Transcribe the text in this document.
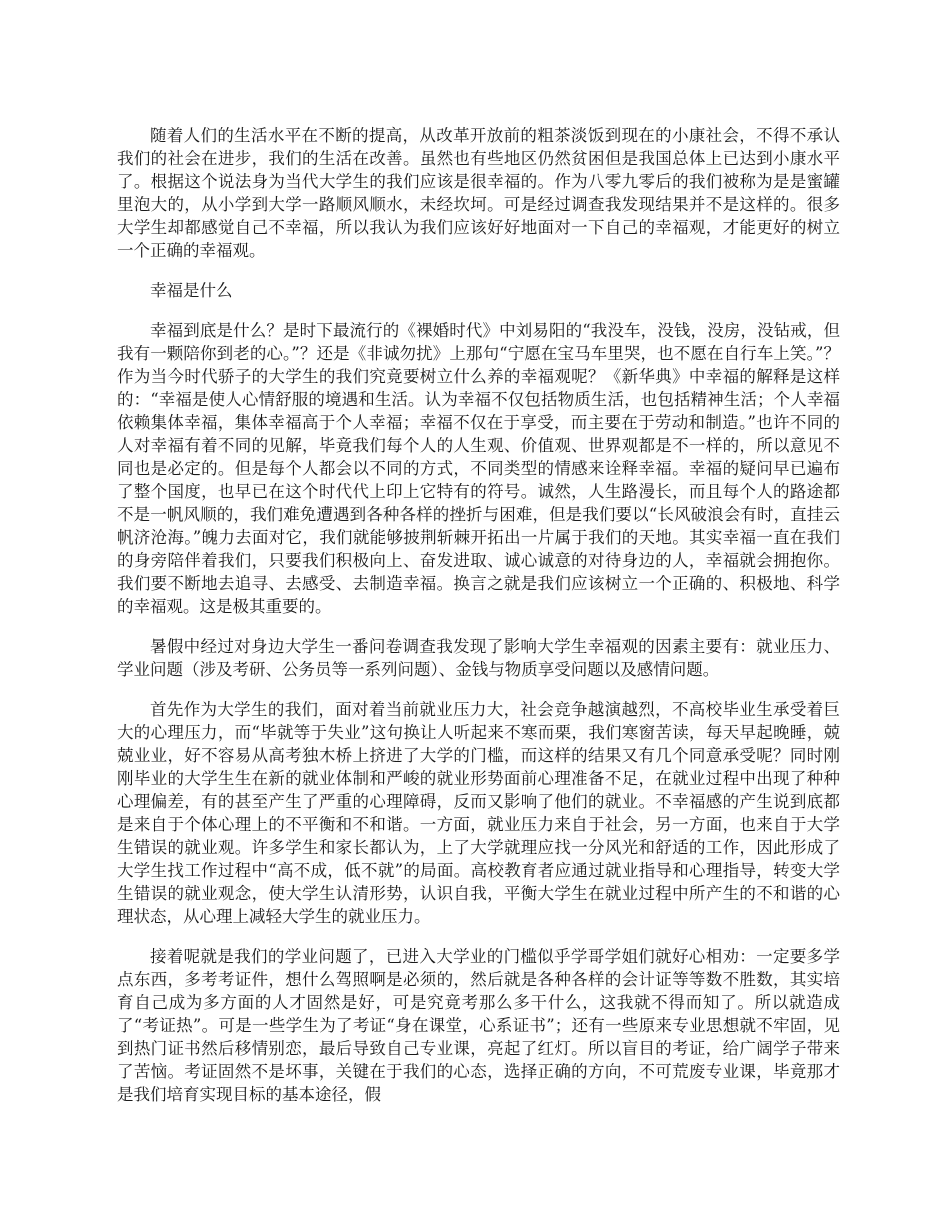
随着人们的生活水平在不断的提高，从改革开放前的粗茶淡饭到现在的小康社会，不得不承认我们的社会在进步，我们的生活在改善。虽然也有些地区仍然贫困但是我国总体上已达到小康水平了。根据这个说法身为当代大学生的我们应该是很幸福的。作为八零九零后的我们被称为是是蜜罐里泡大的，从小学到大学一路顺风顺水，未经坎坷。可是经过调查我发现结果并不是这样的。很多大学生却都感觉自己不幸福，所以我认为我们应该好好地面对一下自己的幸福观，才能更好的树立一个正确的幸福观。

幸福是什么

幸福到底是什么？是时下最流行的《裸婚时代》中刘易阳的“我没车，没钱，没房，没钻戒，但我有一颗陪你到老的心。”？还是《非诚勿扰》上那句“宁愿在宝马车里哭，也不愿在自行车上笑。”？作为当今时代骄子的大学生的我们究竟要树立什么养的幸福观呢？《新华典》中幸福的解释是这样的：“幸福是使人心情舒服的境遇和生活。认为幸福不仅包括物质生活，也包括精神生活；个人幸福依赖集体幸福，集体幸福高于个人幸福；幸福不仅在于享受，而主要在于劳动和制造。”也许不同的人对幸福有着不同的见解，毕竟我们每个人的人生观、价值观、世界观都是不一样的，所以意见不同也是必定的。但是每个人都会以不同的方式，不同类型的情感来诠释幸福。幸福的疑问早已遍布了整个国度，也早已在这个时代代上印上它特有的符号。诚然，人生路漫长，而且每个人的路途都不是一帆风顺的，我们难免遭遇到各种各样的挫折与困难，但是我们要以“长风破浪会有时，直挂云帆济沧海。”魄力去面对它，我们就能够披荆斩棘开拓出一片属于我们的天地。其实幸福一直在我们的身旁陪伴着我们，只要我们积极向上、奋发进取、诚心诚意的对待身边的人，幸福就会拥抱你。我们要不断地去追寻、去感受、去制造幸福。换言之就是我们应该树立一个正确的、积极地、科学的幸福观。这是极其重要的。

暑假中经过对身边大学生一番问卷调查我发现了影响大学生幸福观的因素主要有：就业压力、学业问题（涉及考研、公务员等一系列问题）、金钱与物质享受问题以及感情问题。

首先作为大学生的我们，面对着当前就业压力大，社会竞争越演越烈，不高校毕业生承受着巨大的心理压力，而“毕就等于失业”这句换让人听起来不寒而栗，我们寒窗苦读，每天早起晚睡，兢兢业业，好不容易从高考独木桥上挤进了大学的门槛，而这样的结果又有几个同意承受呢？同时刚刚毕业的大学生生在新的就业体制和严峻的就业形势面前心理准备不足，在就业过程中出现了种种心理偏差，有的甚至产生了严重的心理障碍，反而又影响了他们的就业。不幸福感的产生说到底都是来自于个体心理上的不平衡和不和谐。一方面，就业压力来自于社会，另一方面，也来自于大学生错误的就业观。许多学生和家长都认为，上了大学就理应找一分风光和舒适的工作，因此形成了大学生找工作过程中“高不成，低不就”的局面。高校教育者应通过就业指导和心理指导，转变大学生错误的就业观念，使大学生认清形势，认识自我，平衡大学生在就业过程中所产生的不和谐的心理状态，从心理上减轻大学生的就业压力。

接着呢就是我们的学业问题了，已进入大学业的门槛似乎学哥学姐们就好心相劝：一定要多学点东西，多考考证件，想什么驾照啊是必须的，然后就是各种各样的会计证等等数不胜数，其实培育自己成为多方面的人才固然是好，可是究竟考那么多干什么，这我就不得而知了。所以就造成了“考证热”。可是一些学生为了考证“身在课堂，心系证书”；还有一些原来专业思想就不牢固，见到热门证书然后移情别恋，最后导致自己专业课，亮起了红灯。所以盲目的考证，给广阔学子带来了苦恼。考证固然不是坏事，关键在于我们的心态，选择正确的方向，不可荒废专业课，毕竟那才是我们培育实现目标的基本途径，假
